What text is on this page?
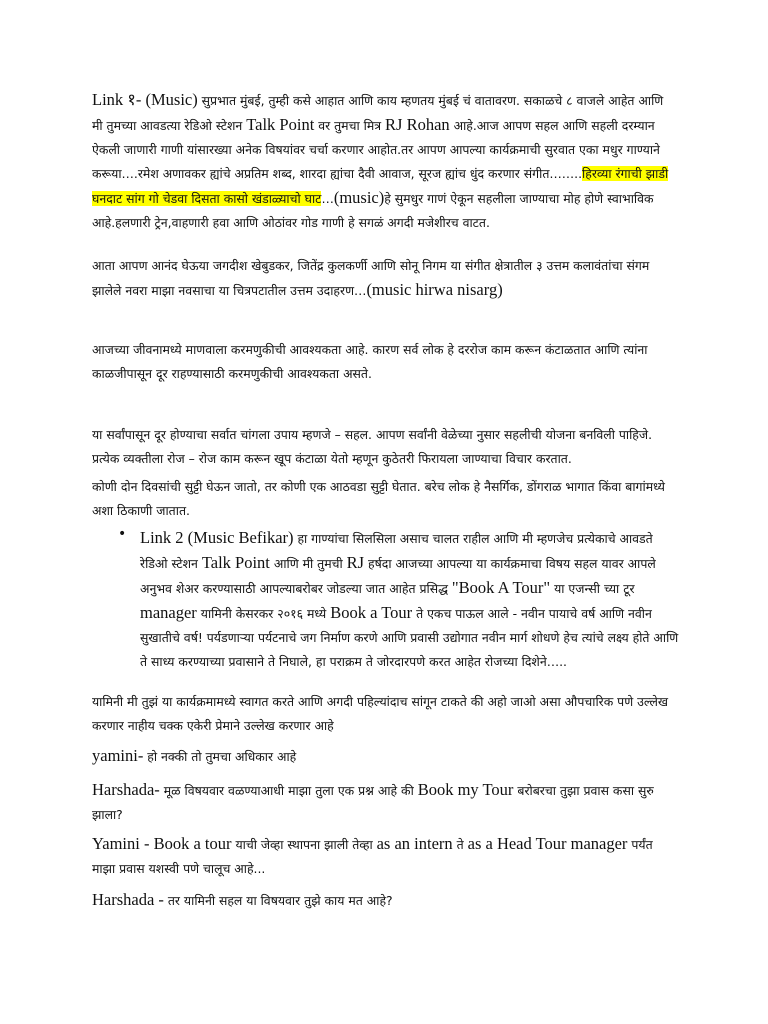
Link १- (Music) सुप्रभात मुंबई, तुम्ही कसे आहात आणि काय म्हणतय मुंबई चं वातावरण. सकाळचे ८ वाजले आहेत आणि मी तुमच्या आवडत्या रेडिओ स्टेशन Talk Point वर तुमचा मित्र RJ Rohan आहे.आज आपण सहल आणि सहली दरम्यान ऐकली जाणारी गाणी यांसारख्या अनेक विषयांवर चर्चा करणार आहोत.तर आपण आपल्या कार्यक्रमाची सुरवात एका मधुर गाण्याने करूया….रमेश अणावकर ह्यांचे अप्रतिम शब्द, शारदा ह्यांचा दैवी आवाज, सूरज ह्यांच धुंद करणार संगीत……..हिरव्या रंगाची झाडी घनदाट सांग गो चेडवा दिसता कासो खंडाळ्याचो घाट…(music)हे सुमधुर गाणं ऐकून सहलीला जाण्याचा मोह होणे स्वाभाविक आहे.हलणारी ट्रेन,वाहणारी हवा आणि ओठांवर गोड गाणी हे सगळं अगदी मजेशीरच वाटत.

आता आपण आनंद घेऊया जगदीश खेबुडकर, जितेंद्र कुलकर्णी आणि सोनू निगम या संगीत क्षेत्रातील ३ उत्तम कलावंतांचा संगम झालेले नवरा माझा नवसाचा या चित्रपटातील उत्तम उदाहरण…(music hirwa nisarg)

आजच्या जीवनामध्ये माणवाला करमणुकीची आवश्यकता आहे. कारण सर्व लोक हे दररोज काम करून कंटाळतात आणि त्यांना काळजीपासून दूर राहण्यासाठी करमणुकीची आवश्यकता असते.

या सर्वांपासून दूर होण्याचा सर्वात चांगला उपाय म्हणजे – सहल. आपण सर्वांनी वेळेच्या नुसार सहलीची योजना बनविली पाहिजे. प्रत्येक व्यक्तीला रोज – रोज काम करून खूप कंटाळा येतो म्हणून कुठेतरी फिरायला जाण्याचा विचार करतात.

कोणी दोन दिवसांची सुट्टी घेऊन जातो, तर कोणी एक आठवडा सुट्टी घेतात. बरेच लोक हे नैसर्गिक, डोंगराळ भागात किंवा बागांमध्ये अशा ठिकाणी जातात.

• Link 2 (Music Befikar) हा गाण्यांचा सिलसिला असाच चालत राहील आणि मी म्हणजेच प्रत्येकाचे आवडते रेडिओ स्टेशन Talk Point आणि मी तुमची RJ हर्षदा आजच्या आपल्या या कार्यक्रमाचा विषय सहल यावर आपले अनुभव शेअर करण्यासाठी आपल्याबरोबर जोडल्या जात आहेत प्रसिद्ध "Book A Tour" या एजन्सी च्या टूर manager यामिनी केसरकर २०१६ मध्ये Book a Tour ते एकच पाऊल आले - नवीन पायाचे वर्ष आणि नवीन सुखातीचे वर्ष! पर्यडणाऱ्या पर्यटनाचे जग निर्माण करणे आणि प्रवासी उद्योगात नवीन मार्ग शोधणे हेच त्यांचे लक्ष्य होते आणि ते साध्य करण्याच्या प्रवासाने ते निघाले, हा पराक्रम ते जोरदारपणे करत आहेत रोजच्या दिशेने…..

यामिनी मी तुझं या कार्यक्रमामध्ये स्वागत करते आणि अगदी पहिल्यांदाच सांगून टाकते की अहो जाओ असा औपचारिक पणे उल्लेख करणार नाहीय चक्क एकेरी प्रेमाने उल्लेख करणार आहे

yamini- हो नक्की तो तुमचा अधिकार आहे

Harshada- मूळ विषयवार वळण्याआधी माझा तुला एक प्रश्न आहे की Book my Tour बरोबरचा तुझा प्रवास कसा सुरु झाला?

Yamini - Book a tour याची जेव्हा स्थापना झाली तेव्हा as an intern ते as a Head Tour manager पर्यंत माझा प्रवास यशस्वी पणे चालूच आहे...

Harshada - तर यामिनी सहल या विषयवार तुझे काय मत आहे?
